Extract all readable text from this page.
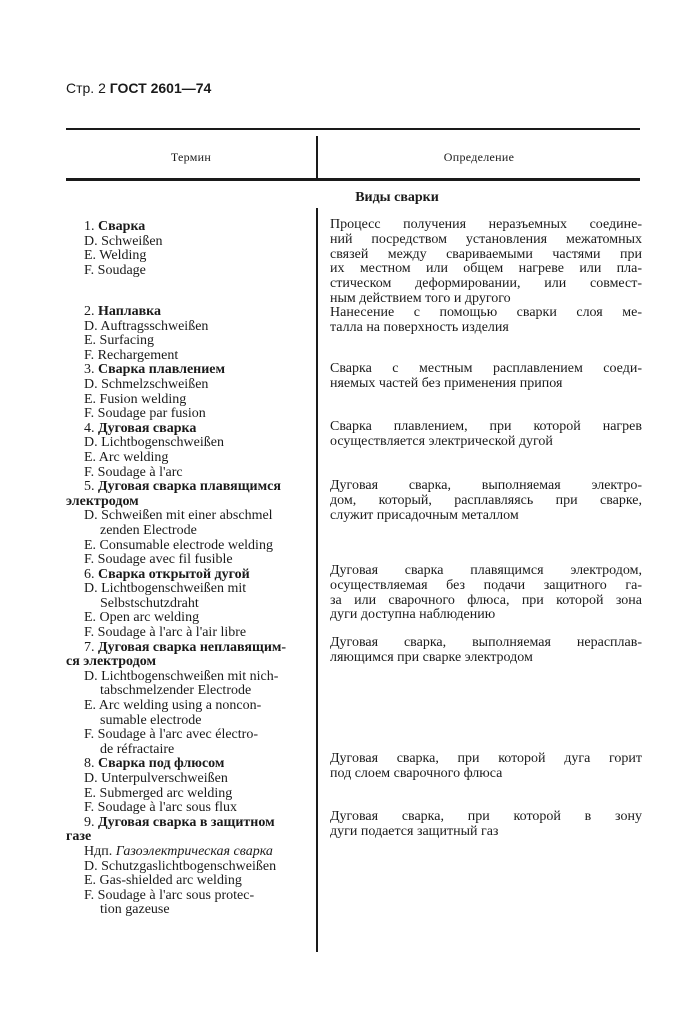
Стр. 2 ГОСТ 2601—74
Термин	Определение
Виды сварки
1. Сварка
D. Schweißen
E. Welding
F. Soudage
2. Наплавка
D. Auftragsschweißen
E. Surfacing
F. Rechargement
3. Сварка плавлением
D. Schmelzschweißen
E. Fusion welding
F. Soudage par fusion
4. Дуговая сварка
D. Lichtbogenschweißen
E. Arc welding
F. Soudage à l'arc
5. Дуговая сварка плавящимся
электродом
D. Schweißen mit einer abschmel
zenden Electrode
E. Consumable electrode welding
F. Soudage avec fil fusible
6. Сварка открытой дугой
D. Lichtbogenschweißen mit
Selbstschutzdraht
E. Open arc welding
F. Soudage à l'arc à l'air libre
7. Дуговая сварка неплавящим-
ся электродом
D. Lichtbogenschweißen mit nich-
tabschmelzender Electrode
E. Arc welding using a noncon-
sumable electrode
F. Soudage à l'arc avec électro-
de réfractaire
8. Сварка под флюсом
D. Unterpulverschweißen
E. Submerged arc welding
F. Soudage à l'arc sous flux
9. Дуговая сварка в защитном
газе
Ндп. Газоэлектрическая сварка
D. Schutzgaslichtbogenschweißen
E. Gas-shielded arc welding
F. Soudage à l'arc sous protec-
tion gazeuse
Процесс получения неразъемных соедине-
ний посредством установления межатомных
связей между свариваемыми частями при
их местном или общем нагреве или пла-
стическом деформировании, или совмест-
ным действием того и другого
Нанесение с помощью сварки слоя ме-
талла на поверхность изделия
Сварка с местным расплавлением соеди-
няемых частей без применения припоя
Сварка плавлением, при которой нагрев
осуществляется электрической дугой
Дуговая сварка, выполняемая электро-
дом, который, расплавляясь при сварке,
служит присадочным металлом
Дуговая сварка плавящимся электродом,
осуществляемая без подачи защитного га-
за или сварочного флюса, при которой зона
дуги доступна наблюдению
Дуговая сварка, выполняемая нерасплав-
ляющимся при сварке электродом
Дуговая сварка, при которой дуга горит
под слоем сварочного флюса
Дуговая сварка, при которой в зону
дуги подается защитный газ
